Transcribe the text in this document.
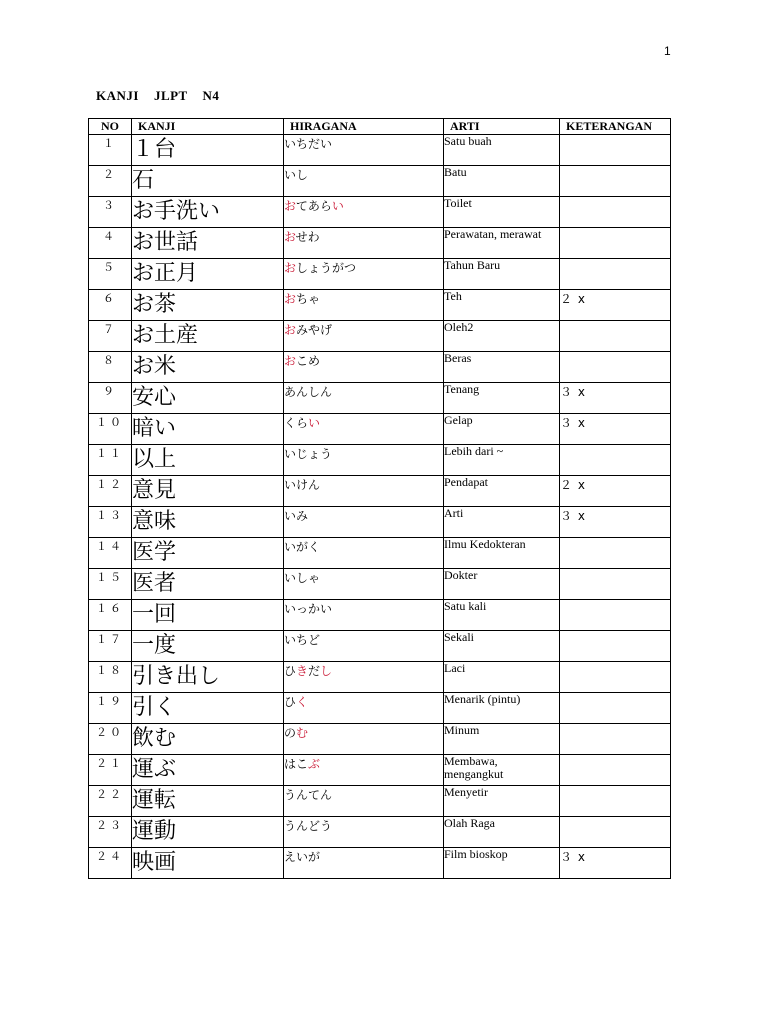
1
KANJI    JLPT    N4
NO	KANJI	HIRAGANA	ARTI	KETERANGAN
１	１台	いちだい	Satu buah	
２	石	いし	Batu	
３	お手洗い	おてあらい	Toilet	
４	お世話	おせわ	Perawatan, merawat	
５	お正月	おしょうがつ	Tahun Baru	
６	お茶	おちゃ	Teh	２ x
７	お土産	おみやげ	Oleh2	
８	お米	おこめ	Beras	
９	安心	あんしん	Tenang	３ x
１０	暗い	くらい	Gelap	３ x
１１	以上	いじょう	Lebih dari ~	
１２	意見	いけん	Pendapat	２ x
１３	意味	いみ	Arti	３ x
１４	医学	いがく	Ilmu Kedokteran	
１５	医者	いしゃ	Dokter	
１６	一回	いっかい	Satu kali	
１７	一度	いちど	Sekali	
１８	引き出し	ひきだし	Laci	
１９	引く	ひく	Menarik (pintu)	
２０	飲む	のむ	Minum	
２１	運ぶ	はこぶ	Membawa, mengangkut	
２２	運転	うんてん	Menyetir	
２３	運動	うんどう	Olah Raga	
２４	映画	えいが	Film bioskop	３ x
